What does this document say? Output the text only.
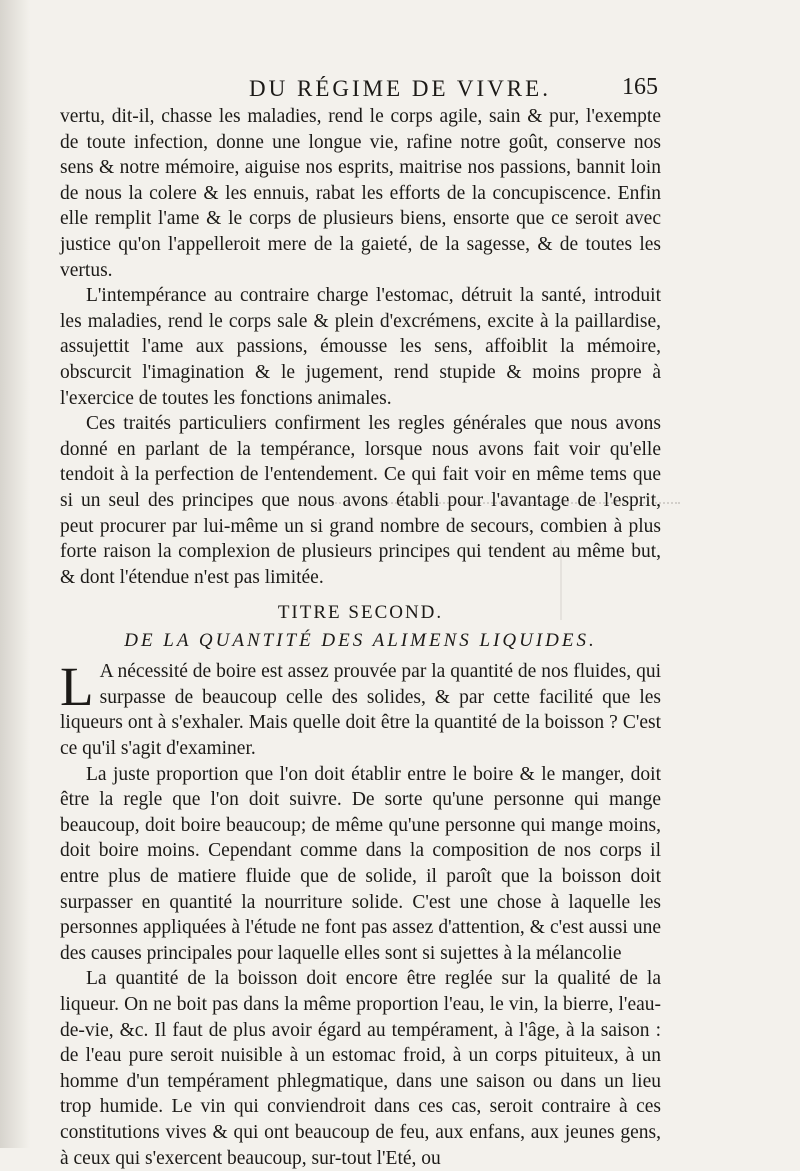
DU RÉGIME DE VIVRE.	165

vertu, dit-il, chasse les maladies, rend le corps agile, sain & pur, l'exempte de toute infection, donne une longue vie, rafine notre goût, conserve nos sens & notre mémoire, aiguise nos esprits, maitrise nos passions, bannit loin de nous la colere & les ennuis, rabat les efforts de la concupiscence. Enfin elle remplit l'ame & le corps de plusieurs biens, ensorte que ce seroit avec justice qu'on l'appelleroit mere de la gaieté, de la sagesse, & de toutes les vertus.

L'intempérance au contraire charge l'estomac, détruit la santé, introduit les maladies, rend le corps sale & plein d'excrémens, excite à la paillardise, assujettit l'ame aux passions, émousse les sens, affoiblit la mémoire, obscurcit l'imagination & le jugement, rend stupide & moins propre à l'exercice de toutes les fonctions animales.

Ces traités particuliers confirment les regles générales que nous avons donné en parlant de la tempérance, lorsque nous avons fait voir qu'elle tendoit à la perfection de l'entendement. Ce qui fait voir en même tems que si un seul des principes que nous avons établi pour l'avantage de l'esprit, peut procurer par lui-même un si grand nombre de secours, combien à plus forte raison la complexion de plusieurs principes qui tendent au même but, & dont l'étendue n'est pas limitée.

TITRE SECOND.
DE LA QUANTITÉ DES ALIMENS LIQUIDES.

L A nécessité de boire est assez prouvée par la quantité de nos fluides, qui surpasse de beaucoup celle des solides, & par cette facilité que les liqueurs ont à s'exhaler. Mais quelle doit être la quantité de la boisson ? C'est ce qu'il s'agit d'examiner.

La juste proportion que l'on doit établir entre le boire & le manger, doit être la regle que l'on doit suivre. De sorte qu'une personne qui mange beaucoup, doit boire beaucoup; de même qu'une personne qui mange moins, doit boire moins. Cependant comme dans la composition de nos corps il entre plus de matiere fluide que de solide, il paroît que la boisson doit surpasser en quantité la nourriture solide. C'est une chose à laquelle les personnes appliquées à l'étude ne font pas assez d'attention, & c'est aussi une des causes principales pour laquelle elles sont si sujettes à la mélancolie

La quantité de la boisson doit encore être reglée sur la qualité de la liqueur. On ne boit pas dans la même proportion l'eau, le vin, la bierre, l'eau-de-vie, &c. Il faut de plus avoir égard au tempérament, à l'âge, à la saison : de l'eau pure seroit nuisible à un estomac froid, à un corps pituiteux, à un homme d'un tempérament phlegmatique, dans une saison ou dans un lieu trop humide. Le vin qui conviendroit dans ces cas, seroit contraire à ces constitutions vives & qui ont beaucoup de feu, aux enfans, aux jeunes gens, à ceux qui s'exercent beaucoup, sur-tout l'Eté, ou
